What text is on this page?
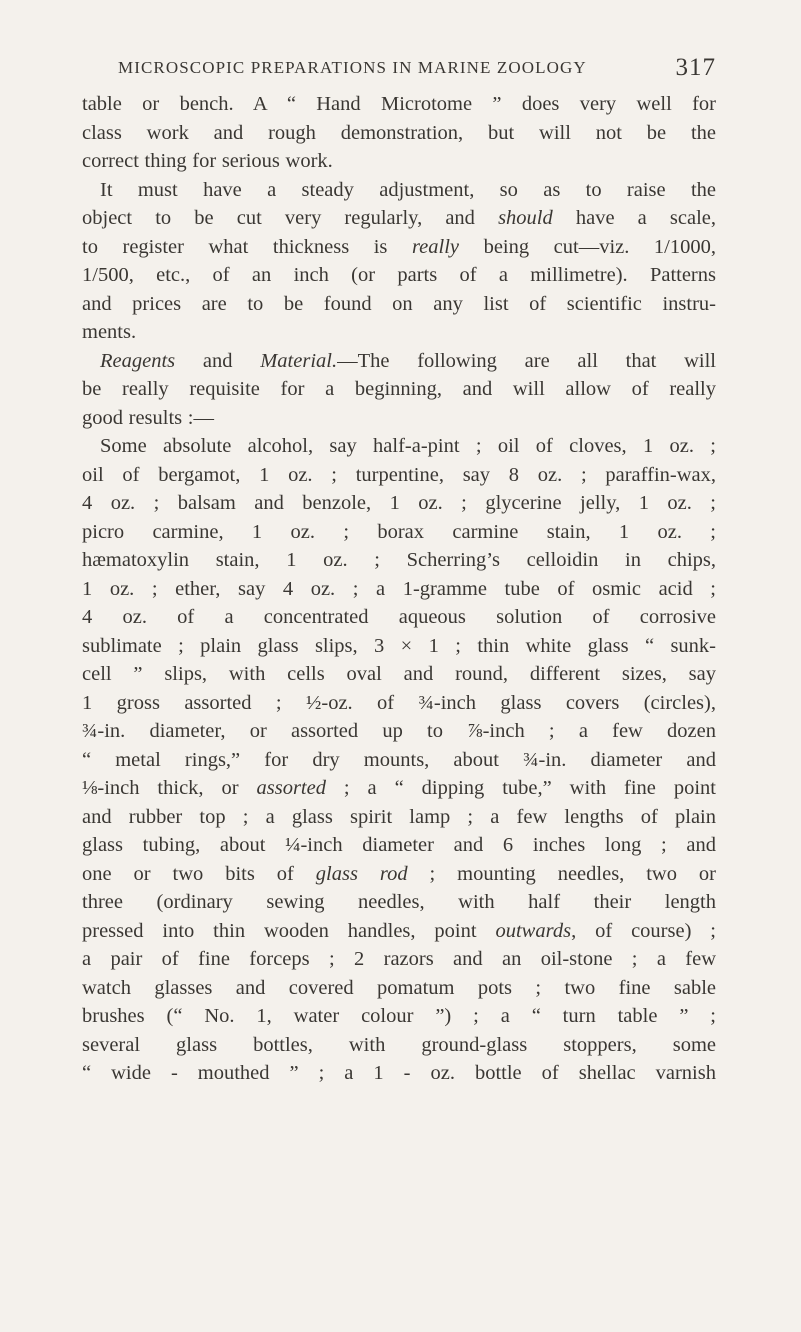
MICROSCOPIC PREPARATIONS IN MARINE ZOOLOGY	317
table or bench. A “ Hand Microtome ” does very well for
class work and rough demonstration, but will not be the
correct thing for serious work.
It must have a steady adjustment, so as to raise the
object to be cut very regularly, and should have a scale,
to register what thickness is really being cut—viz. 1/1000,
1/500, etc., of an inch (or parts of a millimetre). Patterns
and prices are to be found on any list of scientific instru-
ments.
Reagents and Material.—The following are all that will
be really requisite for a beginning, and will allow of really
good results :—
Some absolute alcohol, say half-a-pint ; oil of cloves, 1 oz. ;
oil of bergamot, 1 oz. ; turpentine, say 8 oz. ; paraffin-wax,
4 oz. ; balsam and benzole, 1 oz. ; glycerine jelly, 1 oz. ;
picro carmine, 1 oz. ; borax carmine stain, 1 oz. ;
hæmatoxylin stain, 1 oz. ; Scherring’s celloidin in chips,
1 oz. ; ether, say 4 oz. ; a 1-gramme tube of osmic acid ;
4 oz. of a concentrated aqueous solution of corrosive
sublimate ; plain glass slips, 3 × 1 ; thin white glass “ sunk-
cell ” slips, with cells oval and round, different sizes, say
1 gross assorted ; ½-oz. of ¾-inch glass covers (circles),
¾-in. diameter, or assorted up to ⅞-inch ; a few dozen
“ metal rings,” for dry mounts, about ¾-in. diameter and
⅛-inch thick, or assorted ; a “ dipping tube,” with fine point
and rubber top ; a glass spirit lamp ; a few lengths of plain
glass tubing, about ¼-inch diameter and 6 inches long ; and
one or two bits of glass rod ; mounting needles, two or
three (ordinary sewing needles, with half their length
pressed into thin wooden handles, point outwards, of course) ;
a pair of fine forceps ; 2 razors and an oil-stone ; a few
watch glasses and covered pomatum pots ; two fine sable
brushes (“ No. 1, water colour ”) ; a “ turn table ” ;
several glass bottles, with ground-glass stoppers, some
“ wide - mouthed ” ; a 1 - oz. bottle of shellac varnish
